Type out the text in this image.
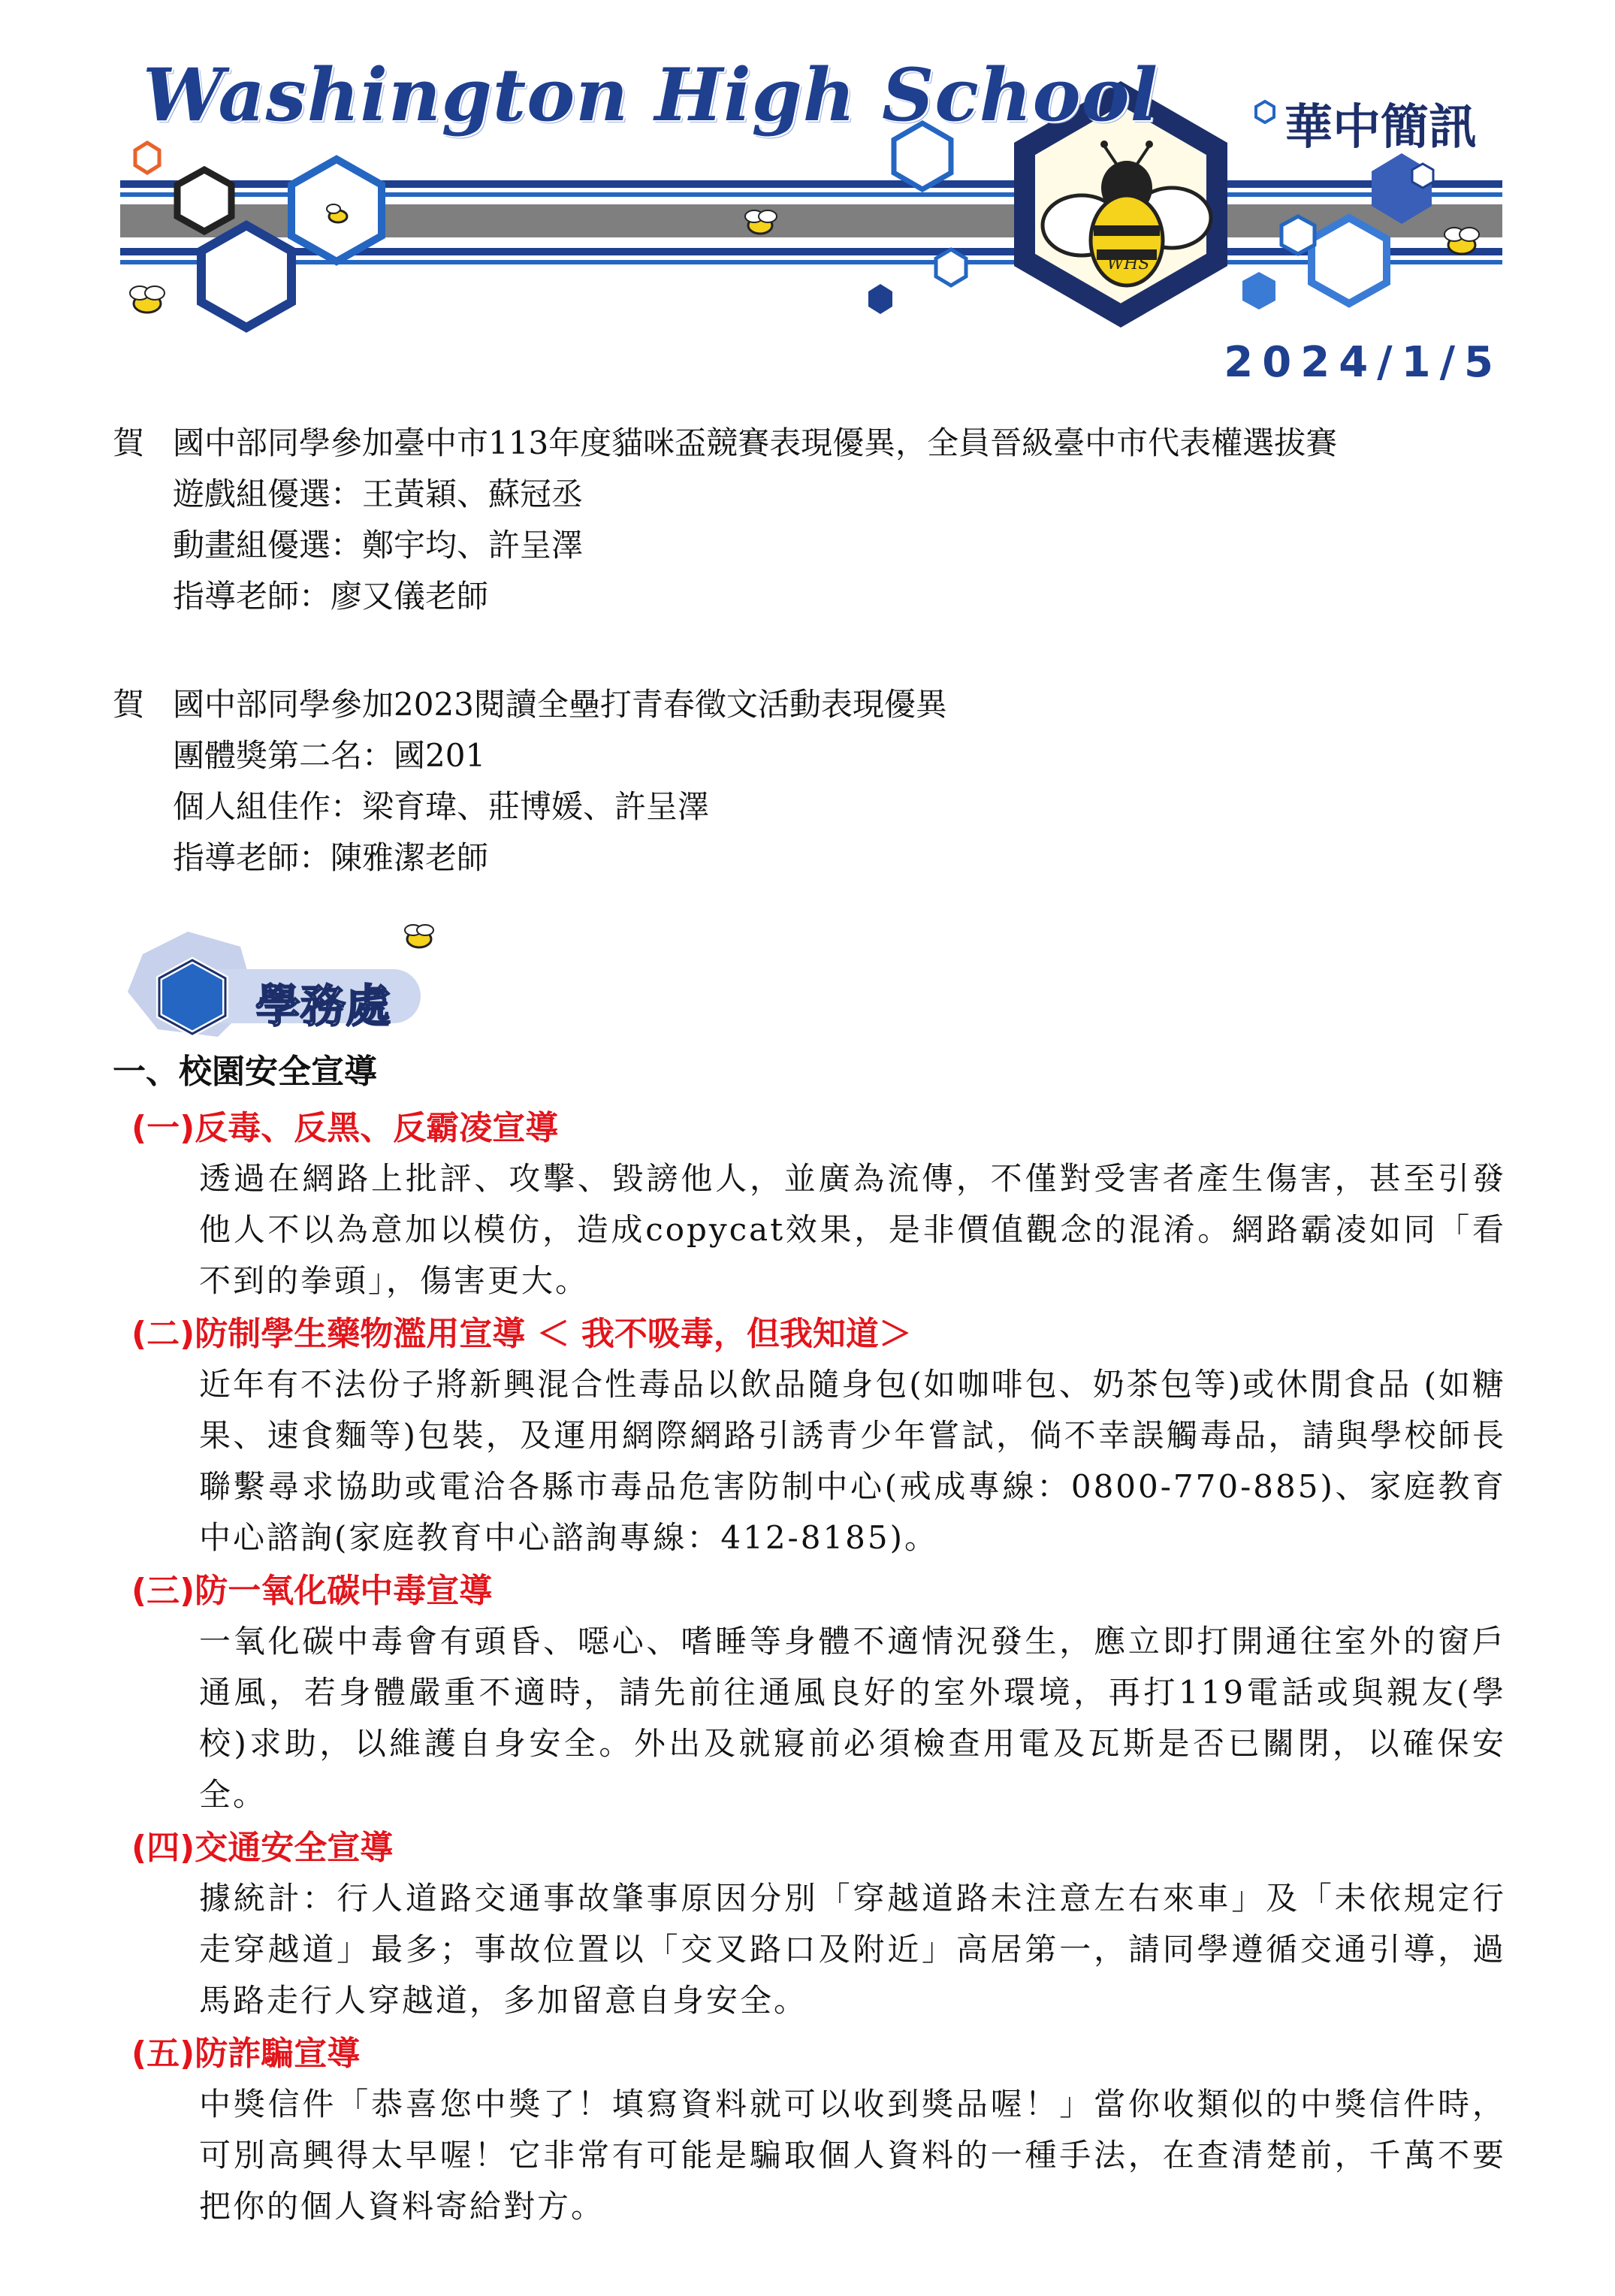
Washington High School	華中簡訊
2024/1/5
賀 國中部同學參加臺中市113年度貓咪盃競賽表現優異，全員晉級臺中市代表權選拔賽
遊戲組優選：王黃穎、蘇冠丞
動畫組優選：鄭宇均、許呈澤
指導老師：廖又儀老師
賀 國中部同學參加2023閱讀全壘打青春徵文活動表現優異
團體獎第二名：國201
個人組佳作：梁育瑋、莊博媛、許呈澤
指導老師：陳雅潔老師
學務處
一、校園安全宣導
(一)反毒、反黑、反霸凌宣導
透過在網路上批評、攻擊、毀謗他人，並廣為流傳，不僅對受害者產生傷害，甚至引發他人不以為意加以模仿，造成copycat效果，是非價值觀念的混淆。網路霸凌如同「看不到的拳頭」，傷害更大。
(二)防制學生藥物濫用宣導 ＜ 我不吸毒，但我知道＞
近年有不法份子將新興混合性毒品以飲品隨身包(如咖啡包、奶茶包等)或休閒食品 (如糖果、速食麵等)包裝，及運用網際網路引誘青少年嘗試，倘不幸誤觸毒品，請與學校師長聯繫尋求協助或電洽各縣市毒品危害防制中心(戒成專線：0800-770-885)、家庭教育中心諮詢(家庭教育中心諮詢專線：412-8185)。
(三)防一氧化碳中毒宣導
一氧化碳中毒會有頭昏、噁心、嗜睡等身體不適情況發生，應立即打開通往室外的窗戶通風，若身體嚴重不適時，請先前往通風良好的室外環境，再打119電話或與親友(學校)求助，以維護自身安全。外出及就寢前必須檢查用電及瓦斯是否已關閉，以確保安全。
(四)交通安全宣導
據統計：行人道路交通事故肇事原因分別「穿越道路未注意左右來車」及「未依規定行走穿越道」最多；事故位置以「交叉路口及附近」高居第一，請同學遵循交通引導，過馬路走行人穿越道，多加留意自身安全。
(五)防詐騙宣導
中獎信件「恭喜您中獎了！填寫資料就可以收到獎品喔！」當你收類似的中獎信件時，可別高興得太早喔！它非常有可能是騙取個人資料的一種手法，在查清楚前，千萬不要把你的個人資料寄給對方。
WHS
